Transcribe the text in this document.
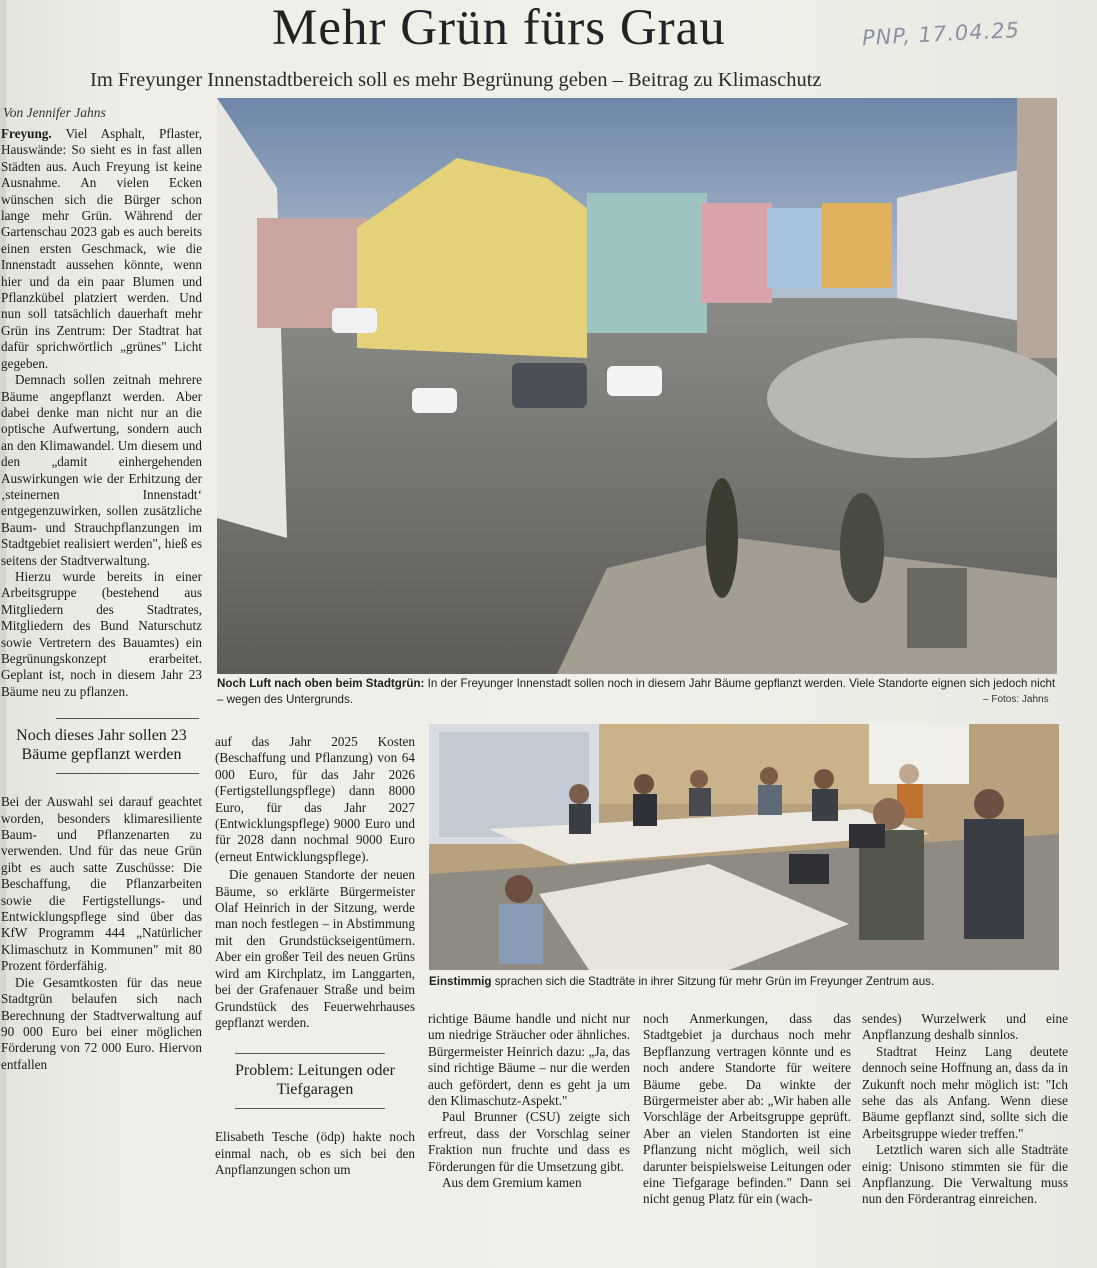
Mehr Grün fürs Grau	PNP, 17.04.25
Im Freyunger Innenstadtbereich soll es mehr Begrünung geben – Beitrag zu Klimaschutz
Von Jennifer Jahns
Noch Luft nach oben beim Stadtgrün: In der Freyunger Innenstadt sollen noch in diesem Jahr Bäume gepflanzt werden. Viele Standorte eignen sich jedoch nicht – wegen des Untergrunds.	– Fotos: Jahns
Einstimmig sprachen sich die Stadträte in ihrer Sitzung für mehr Grün im Freyunger Zentrum aus.

Freyung. Viel Asphalt, Pflaster, Hauswände: So sieht es in fast allen Städten aus. Auch Freyung ist keine Ausnahme. An vielen Ecken wünschen sich die Bürger schon lange mehr Grün. Während der Gartenschau 2023 gab es auch bereits einen ersten Geschmack, wie die Innenstadt aussehen könnte, wenn hier und da ein paar Blumen und Pflanzkübel platziert werden. Und nun soll tatsächlich dauerhaft mehr Grün ins Zentrum: Der Stadtrat hat dafür sprichwörtlich „grünes" Licht gegeben.

Demnach sollen zeitnah mehrere Bäume angepflanzt werden. Aber dabei denke man nicht nur an die optische Aufwertung, sondern auch an den Klimawandel. Um diesem und den „damit einhergehenden Auswirkungen wie der Erhitzung der ‚steinernen Innenstadt‘ entgegenzuwirken, sollen zusätzliche Baum- und Strauchpflanzungen im Stadtgebiet realisiert werden", hieß es seitens der Stadtverwaltung.

Hierzu wurde bereits in einer Arbeitsgruppe (bestehend aus Mitgliedern des Stadtrates, Mitgliedern des Bund Naturschutz sowie Vertretern des Bauamtes) ein Begrünungskonzept erarbeitet. Geplant ist, noch in diesem Jahr 23 Bäume neu zu pflanzen.

Noch dieses Jahr sollen 23 Bäume gepflanzt werden

Bei der Auswahl sei darauf geachtet worden, besonders klimaresiliente Baum- und Pflanzenarten zu verwenden. Und für das neue Grün gibt es auch satte Zuschüsse: Die Beschaffung, die Pflanzarbeiten sowie die Fertigstellungs- und Entwicklungspflege sind über das KfW Programm 444 „Natürlicher Klimaschutz in Kommunen" mit 80 Prozent förderfähig.

Die Gesamtkosten für das neue Stadtgrün belaufen sich nach Berechnung der Stadtverwaltung auf 90 000 Euro bei einer möglichen Förderung von 72 000 Euro. Hiervon entfallen

auf das Jahr 2025 Kosten (Beschaffung und Pflanzung) von 64 000 Euro, für das Jahr 2026 (Fertigstellungspflege) dann 8000 Euro, für das Jahr 2027 (Entwicklungspflege) 9000 Euro und für 2028 dann nochmal 9000 Euro (erneut Entwicklungspflege).

Die genauen Standorte der neuen Bäume, so erklärte Bürgermeister Olaf Heinrich in der Sitzung, werde man noch festlegen – in Abstimmung mit den Grundstückseigentümern. Aber ein großer Teil des neuen Grüns wird am Kirchplatz, im Langgarten, bei der Grafenauer Straße und beim Grundstück des Feuerwehrhauses gepflanzt werden.

Problem: Leitungen oder Tiefgaragen

Elisabeth Tesche (ödp) hakte noch einmal nach, ob es sich bei den Anpflanzungen schon um

richtige Bäume handle und nicht nur um niedrige Sträucher oder ähnliches. Bürgermeister Heinrich dazu: „Ja, das sind richtige Bäume – nur die werden auch gefördert, denn es geht ja um den Klimaschutz-Aspekt."

Paul Brunner (CSU) zeigte sich erfreut, dass der Vorschlag seiner Fraktion nun fruchte und dass es Förderungen für die Umsetzung gibt.

Aus dem Gremium kamen

noch Anmerkungen, dass das Stadtgebiet ja durchaus noch mehr Bepflanzung vertragen könnte und es noch andere Standorte für weitere Bäume gebe. Da winkte der Bürgermeister aber ab: „Wir haben alle Vorschläge der Arbeitsgruppe geprüft. Aber an vielen Standorten ist eine Pflanzung nicht möglich, weil sich darunter beispielsweise Leitungen oder eine Tiefgarage befinden." Dann sei nicht genug Platz für ein (wach-

sendes) Wurzelwerk und eine Anpflanzung deshalb sinnlos.

Stadtrat Heinz Lang deutete dennoch seine Hoffnung an, dass da in Zukunft noch mehr möglich ist: "Ich sehe das als Anfang. Wenn diese Bäume gepflanzt sind, sollte sich die Arbeitsgruppe wieder treffen."

Letztlich waren sich alle Stadträte einig: Unisono stimmten sie für die Anpflanzung. Die Verwaltung muss nun den Förderantrag einreichen.
